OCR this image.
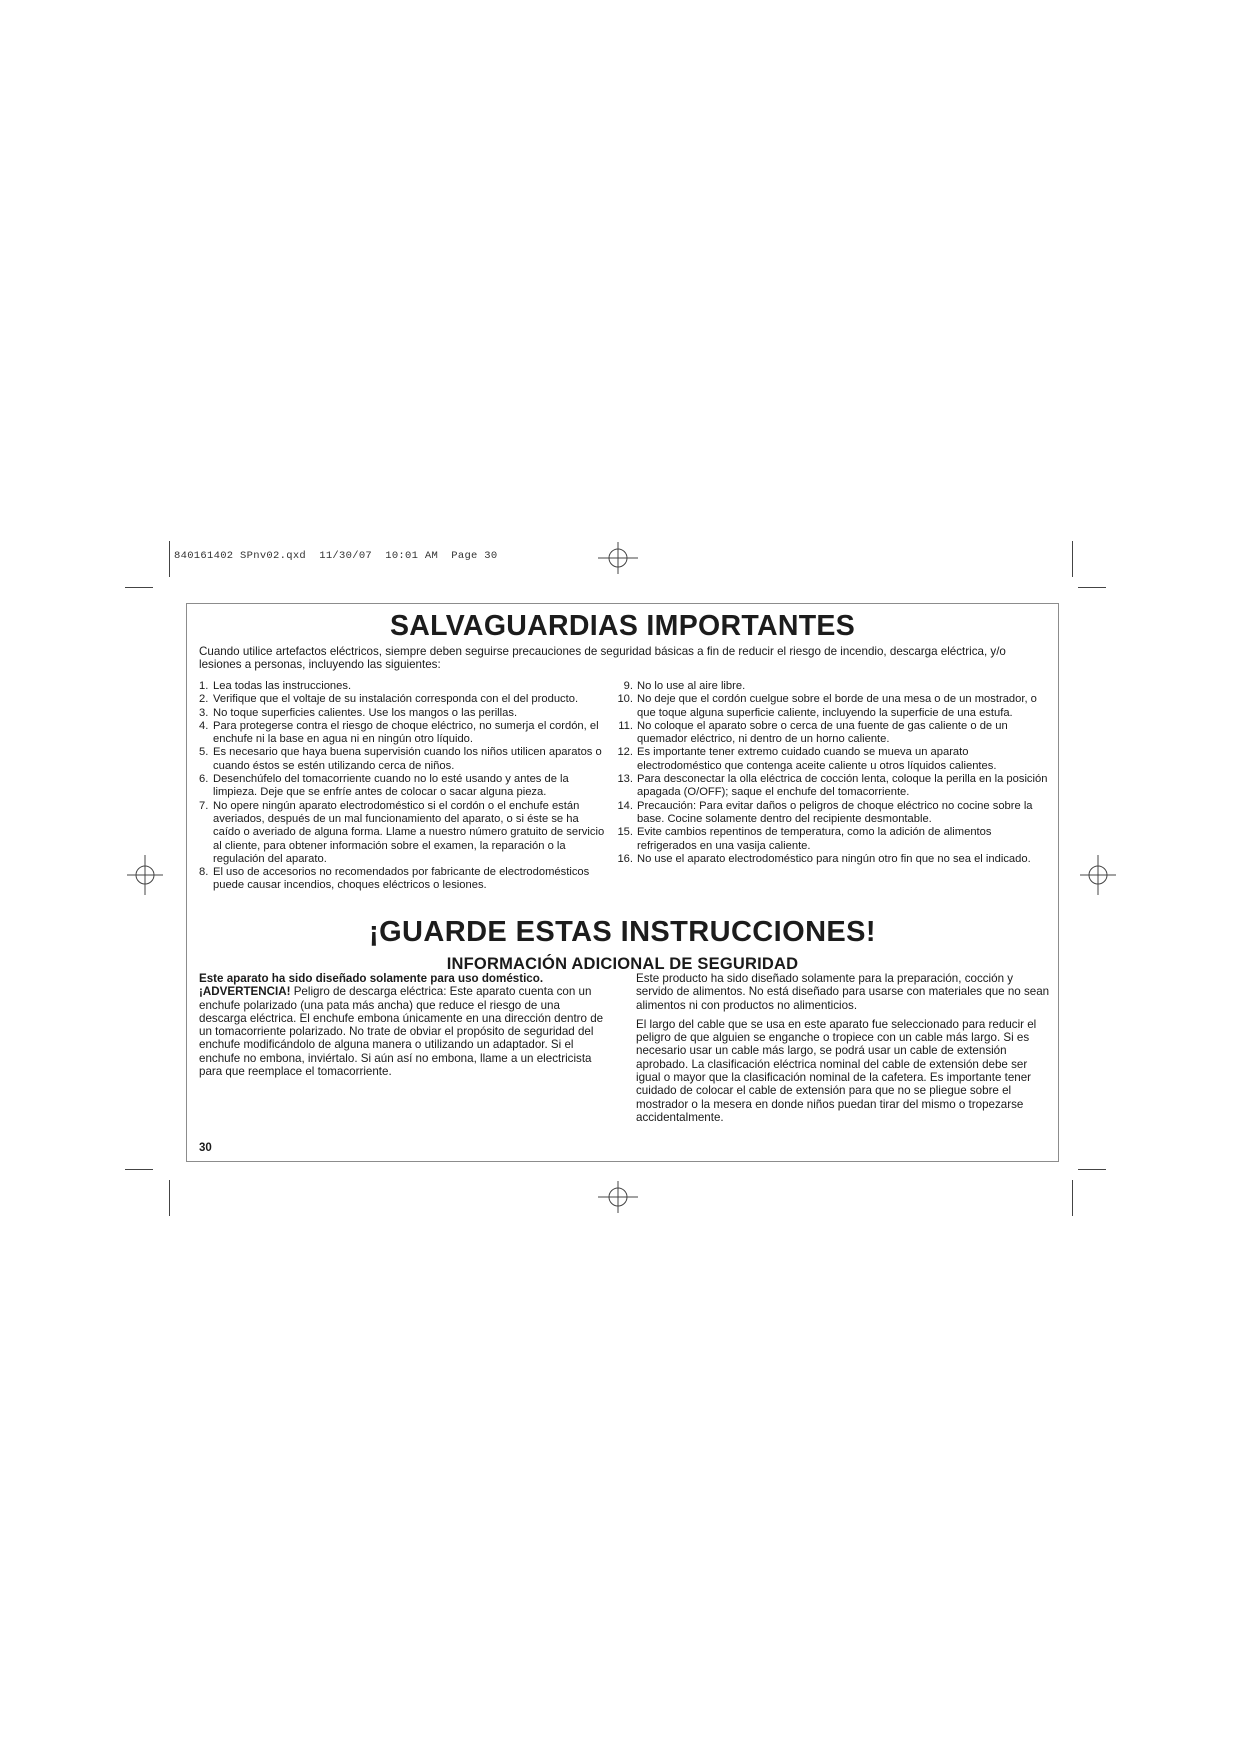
840161402 SPnv02.qxd  11/30/07  10:01 AM  Page 30
SALVAGUARDIAS IMPORTANTES

Cuando utilice artefactos eléctricos, siempre deben seguirse precauciones de seguridad básicas a fin de reducir el riesgo de incendio, descarga eléctrica, y/o lesiones a personas, incluyendo las siguientes:

1. Lea todas las instrucciones.
2. Verifique que el voltaje de su instalación corresponda con el del producto.
3. No toque superficies calientes. Use los mangos o las perillas.
4. Para protegerse contra el riesgo de choque eléctrico, no sumerja el cordón, el enchufe ni la base en agua ni en ningún otro líquido.
5. Es necesario que haya buena supervisión cuando los niños utilicen aparatos o cuando éstos se estén utilizando cerca de niños.
6. Desenchúfelo del tomacorriente cuando no lo esté usando y antes de la limpieza. Deje que se enfríe antes de colocar o sacar alguna pieza.
7. No opere ningún aparato electrodoméstico si el cordón o el enchufe están averiados, después de un mal funcionamiento del aparato, o si éste se ha caído o averiado de alguna forma. Llame a nuestro número gratuito de servicio al cliente, para obtener información sobre el examen, la reparación o la regulación del aparato.
8. El uso de accesorios no recomendados por fabricante de electrodomésticos puede causar incendios, choques eléctricos o lesiones.
9. No lo use al aire libre.
10. No deje que el cordón cuelgue sobre el borde de una mesa o de un mostrador, o que toque alguna superficie caliente, incluyendo la superficie de una estufa.
11. No coloque el aparato sobre o cerca de una fuente de gas caliente o de un quemador eléctrico, ni dentro de un horno caliente.
12. Es importante tener extremo cuidado cuando se mueva un aparato electrodoméstico que contenga aceite caliente u otros líquidos calientes.
13. Para desconectar la olla eléctrica de cocción lenta, coloque la perilla en la posición apagada (O/OFF); saque el enchufe del tomacorriente.
14. Precaución: Para evitar daños o peligros de choque eléctrico no cocine sobre la base. Cocine solamente dentro del recipiente desmontable.
15. Evite cambios repentinos de temperatura, como la adición de alimentos refrigerados en una vasija caliente.
16. No use el aparato electrodoméstico para ningún otro fin que no sea el indicado.
¡GUARDE ESTAS INSTRUCCIONES!
INFORMACIÓN ADICIONAL DE SEGURIDAD

Este aparato ha sido diseñado solamente para uso doméstico.

¡ADVERTENCIA! Peligro de descarga eléctrica: Este aparato cuenta con un enchufe polarizado (una pata más ancha) que reduce el riesgo de una descarga eléctrica. El enchufe embona únicamente en una dirección dentro de un tomacorriente polarizado. No trate de obviar el propósito de seguridad del enchufe modificándolo de alguna manera o utilizando un adaptador. Si el enchufe no embona, inviértalo. Si aún así no embona, llame a un electricista para que reemplace el tomacorriente.

Este producto ha sido diseñado solamente para la preparación, cocción y servido de alimentos. No está diseñado para usarse con materiales que no sean alimentos ni con productos no alimenticios.

El largo del cable que se usa en este aparato fue seleccionado para reducir el peligro de que alguien se enganche o tropiece con un cable más largo. Si es necesario usar un cable más largo, se podrá usar un cable de extensión aprobado. La clasificación eléctrica nominal del cable de extensión debe ser igual o mayor que la clasificación nominal de la cafetera. Es importante tener cuidado de colocar el cable de extensión para que no se pliegue sobre el mostrador o la mesera en donde niños puedan tirar del mismo o tropezarse accidentalmente.

30
